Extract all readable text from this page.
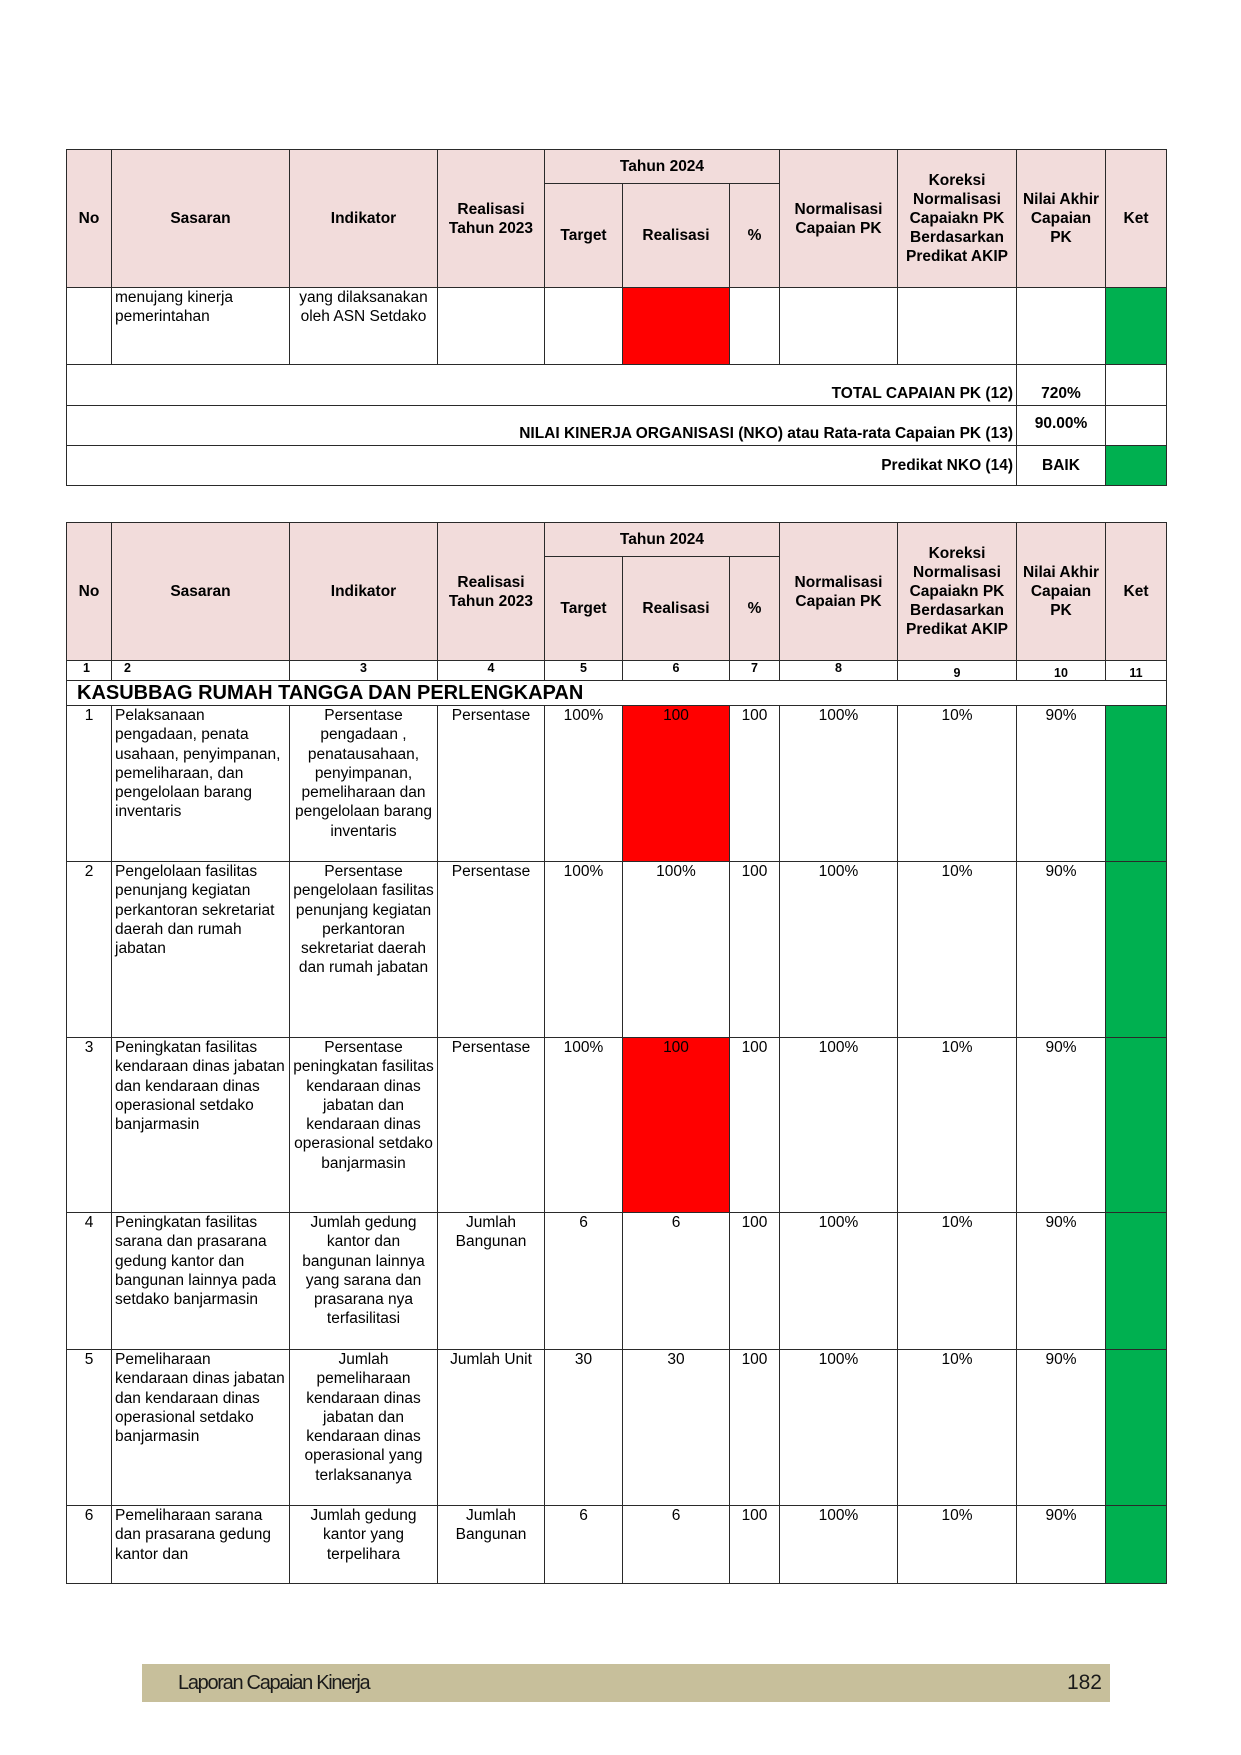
No	Sasaran	Indikator	Realisasi Tahun 2023	Tahun 2024			Normalisasi Capaian PK	Koreksi Normalisasi Capaiakn PK Berdasarkan Predikat AKIP	Nilai Akhir Capaian PK	Ket
				Target	Realisasi	%				
	menujang kinerja pemerintahan	yang dilaksanakan oleh ASN Setdako								
TOTAL CAPAIAN PK (12)									720%	
NILAI KINERJA ORGANISASI (NKO) atau Rata-rata Capaian PK (13)									90.00%	
Predikat NKO (14)									BAIK	
No	Sasaran	Indikator	Realisasi Tahun 2023	Tahun 2024			Normalisasi Capaian PK	Koreksi Normalisasi Capaiakn PK Berdasarkan Predikat AKIP	Nilai Akhir Capaian PK	Ket
				Target	Realisasi	%				
1	2	3	4	5	6	7	8	9	10	11
KASUBBAG RUMAH TANGGA DAN PERLENGKAPAN										
1	Pelaksanaan pengadaan, penata usahaan, penyimpanan, pemeliharaan, dan pengelolaan barang inventaris	Persentase pengadaan , penatausahaan, penyimpanan, pemeliharaan dan pengelolaan barang inventaris	Persentase	100%	100	100	100%	10%	90%	
2	Pengelolaan fasilitas penunjang kegiatan perkantoran sekretariat daerah dan rumah jabatan	Persentase pengelolaan fasilitas penunjang kegiatan perkantoran sekretariat daerah dan rumah jabatan	Persentase	100%	100%	100	100%	10%	90%	
3	Peningkatan fasilitas kendaraan dinas jabatan dan kendaraan dinas operasional setdako banjarmasin	Persentase peningkatan fasilitas kendaraan dinas jabatan dan kendaraan dinas operasional setdako banjarmasin	Persentase	100%	100	100	100%	10%	90%	
4	Peningkatan fasilitas sarana dan prasarana gedung kantor dan bangunan lainnya pada setdako banjarmasin	Jumlah gedung kantor dan bangunan lainnya yang sarana dan prasarana nya terfasilitasi	Jumlah Bangunan	6	6	100	100%	10%	90%	
5	Pemeliharaan kendaraan dinas jabatan dan kendaraan dinas operasional setdako banjarmasin	Jumlah pemeliharaan kendaraan dinas jabatan dan kendaraan dinas operasional yang terlaksananya	Jumlah Unit	30	30	100	100%	10%	90%	
6	Pemeliharaan sarana dan prasarana gedung kantor dan	Jumlah gedung kantor yang terpelihara	Jumlah Bangunan	6	6	100	100%	10%	90%	
Laporan Capaian Kinerja	182
